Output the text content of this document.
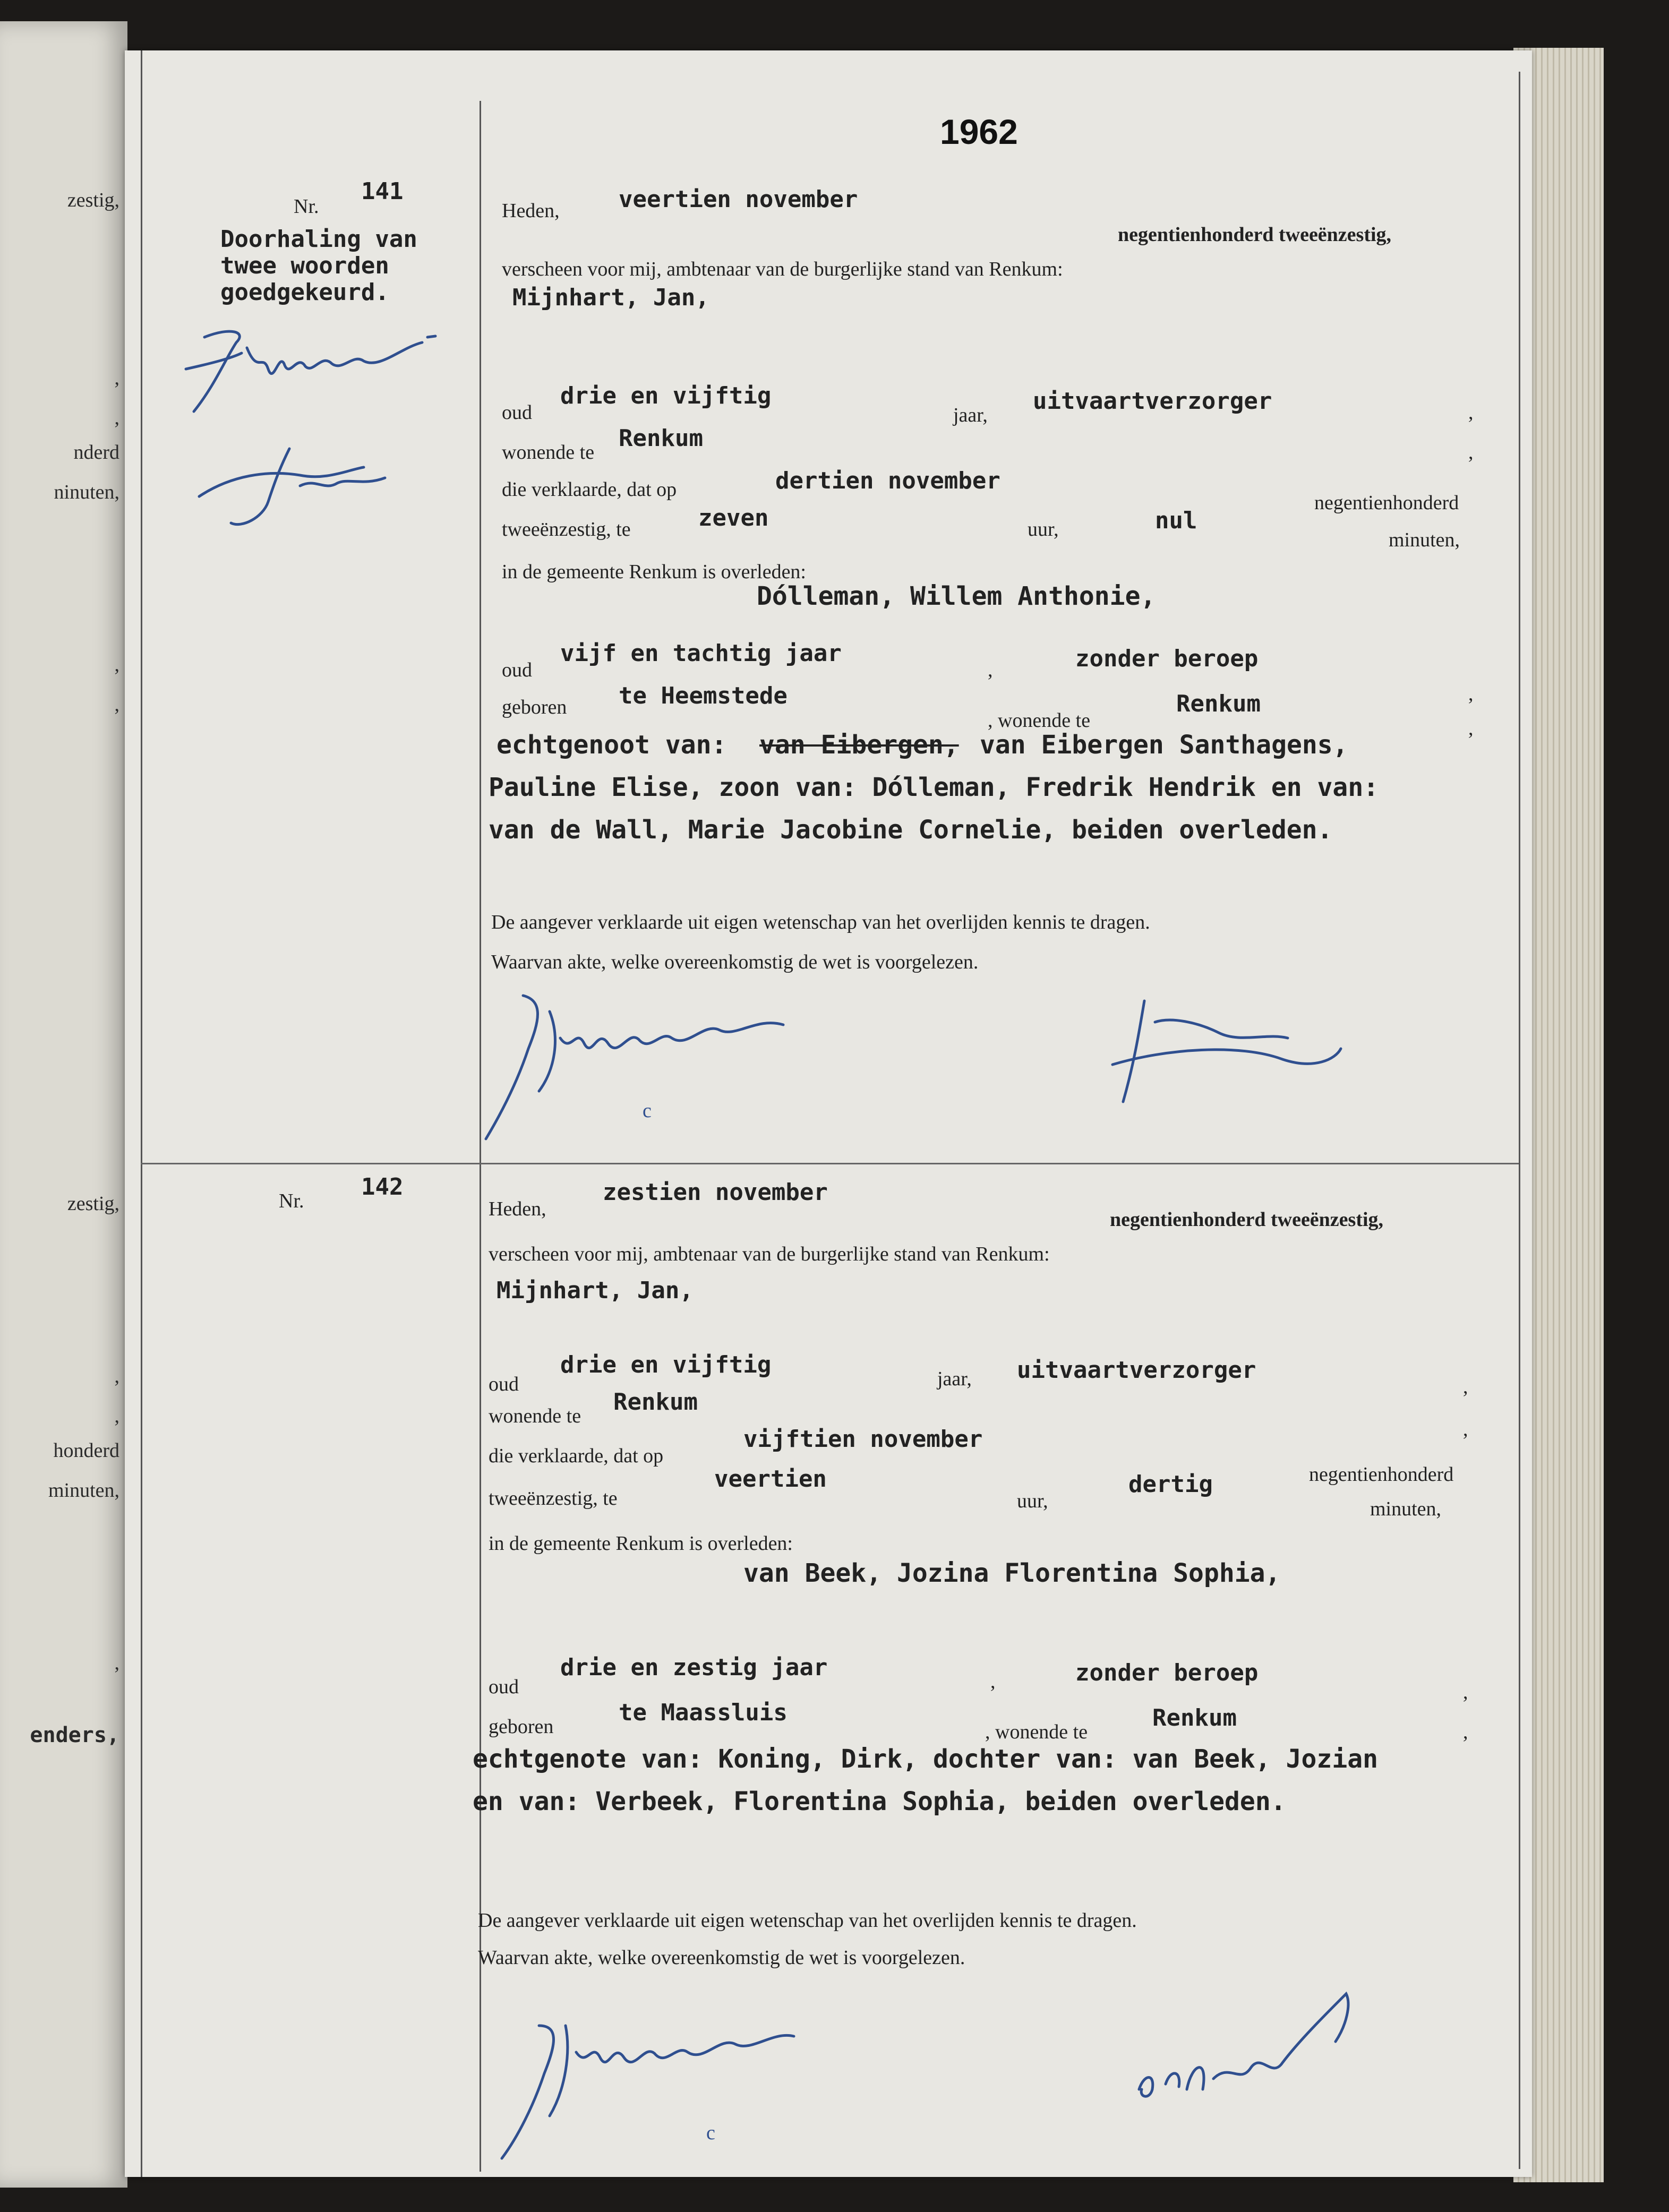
zestig,
,
,
nderd
ninuten,
,
,
zestig,
,
,
honderd
minuten,
,
enders,
1962
Nr.
141
Doorhaling van
twee woorden
goedgekeurd.
Heden,	veertien november
negentienhonderd tweeënzestig,
verscheen voor mij, ambtenaar van de burgerlijke stand van Renkum:
Mijnhart, Jan,
oud
drie en vijftig
jaar,
uitvaartverzorger	,
wonende te
Renkum
,
die verklaarde, dat op	dertien november
negentienhonderd
tweeënzestig, te	zeven	uur,	nul
minuten,
in de gemeente Renkum is overleden:
Dólleman, Willem Anthonie,
oud
vijf en tachtig jaar
,	zonder beroep
,
geboren te Heemstede
, wonende te
Renkum
,
echtgenoot van: van Eibergen, van Eibergen Santhagens,
Pauline Elise, zoon van: Dólleman, Fredrik Hendrik en van:
van de Wall, Marie Jacobine Cornelie, beiden overleden.
De aangever verklaarde uit eigen wetenschap van het overlijden kennis te dragen.
Waarvan akte, welke overeenkomstig de wet is voorgelezen.
Nr.
142
Heden,
zestien november
negentienhonderd tweeënzestig,
verscheen voor mij, ambtenaar van de burgerlijke stand van Renkum:
Mijnhart, Jan,
oud
drie en vijftig
jaar, uitvaartverzorger
,
wonende te
Renkum
,
die verklaarde, dat op
vijftien november
negentienhonderd
tweeënzestig, te
veertien
uur,
dertig
minuten,
in de gemeente Renkum is overleden:
van Beek, Jozina Florentina Sophia,
oud
drie en zestig jaar
,	zonder beroep
,
geboren
te Maassluis
, wonende te
Renkum
,
echtgenote van: Koning, Dirk, dochter van: van Beek, Jozian
en van: Verbeek, Florentina Sophia, beiden overleden.
De aangever verklaarde uit eigen wetenschap van het overlijden kennis te dragen.
Waarvan akte, welke overeenkomstig de wet is voorgelezen.
c
c
